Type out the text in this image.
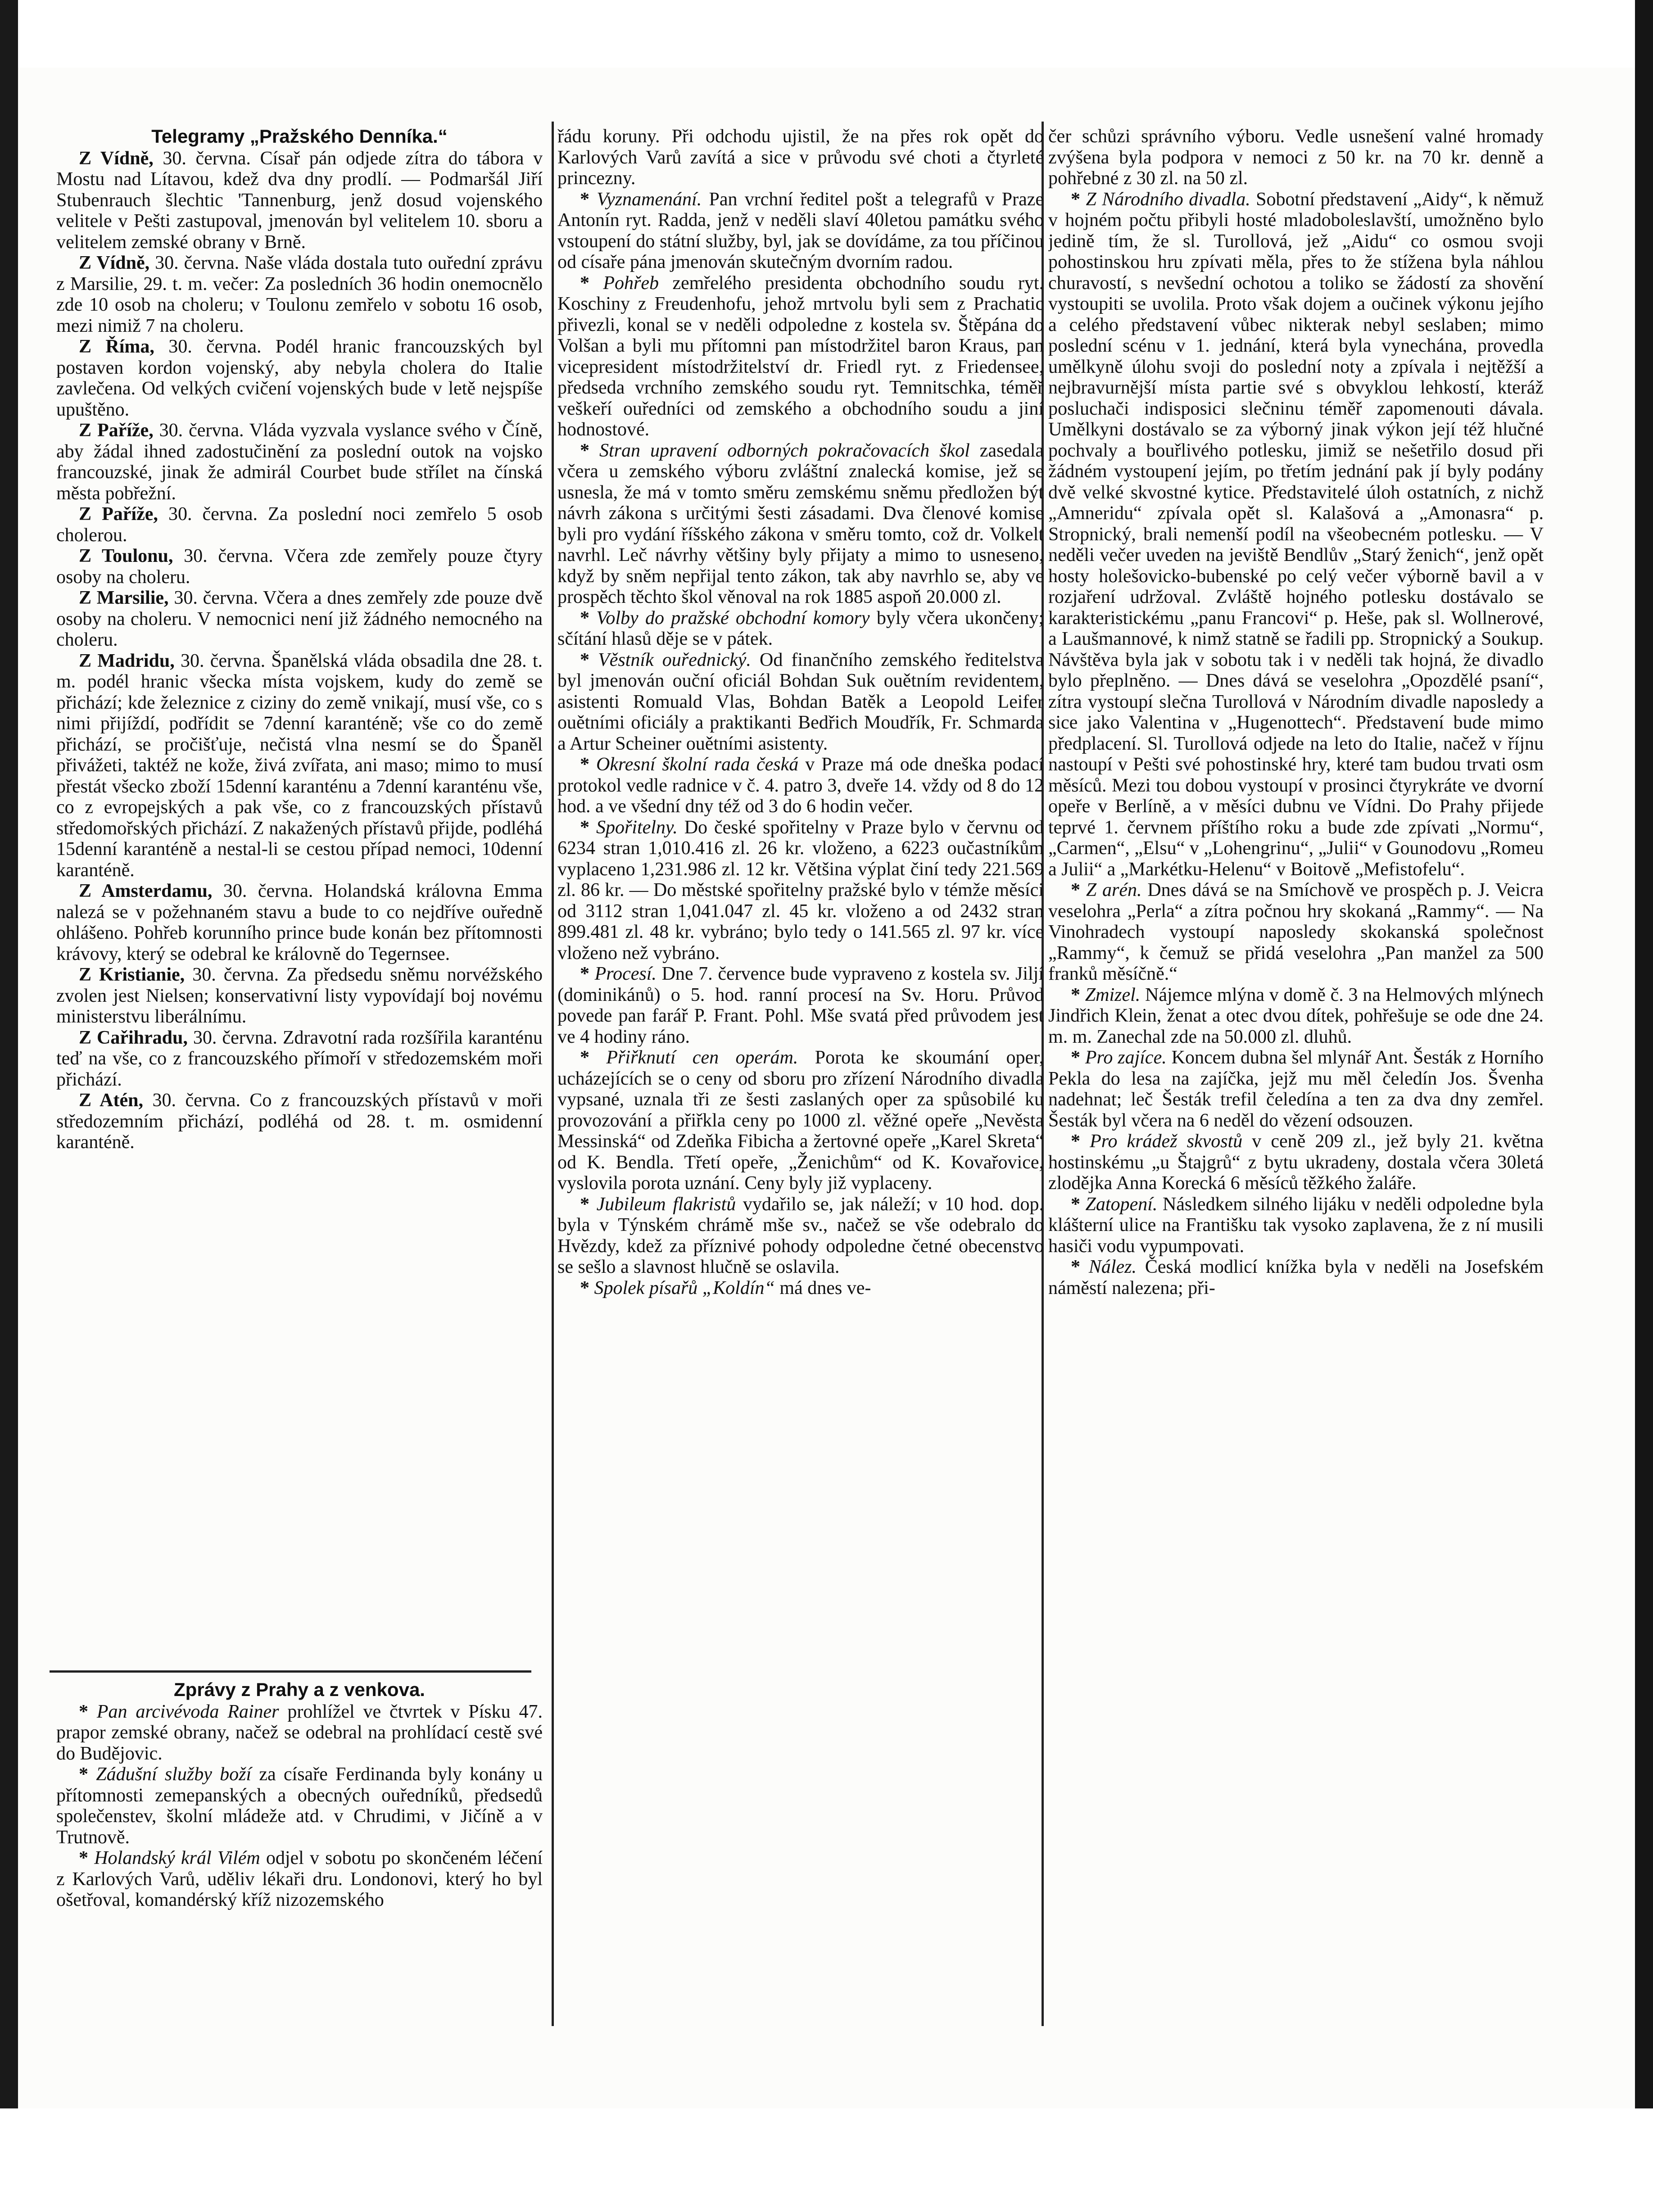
Telegramy „Pražského Denníka.“

Z Vídně, 30. června. Císař pán odjede zítra do tábora v Mostu nad Lítavou, kdež dva dny prodlí. — Podmaršál Jiří Stubenrauch šlechtic 'Tannenburg, jenž dosud vojenského velitele v Pešti zastupoval, jmenován byl velitelem 10. sboru a velitelem zemské obrany v Brně.

Z Vídně, 30. června. Naše vláda dostala tuto ouřední zprávu z Marsilie, 29. t. m. večer: Za posledních 36 hodin onemocnělo zde 10 osob na choleru; v Toulonu zemřelo v sobotu 16 osob, mezi nimiž 7 na choleru.

Z Říma, 30. června. Podél hranic francouzských byl postaven kordon vojenský, aby nebyla cholera do Italie zavlečena. Od velkých cvičení vojenských bude v letě nejspíše upuštěno.

Z Paříže, 30. června. Vláda vyzvala vyslance svého v Číně, aby žádal ihned zadostučinění za poslední outok na vojsko francouzské, jinak že admirál Courbet bude střílet na čínská města pobřežní.

Z Paříže, 30. června. Za poslední noci zemřelo 5 osob cholerou.

Z Toulonu, 30. června. Včera zde zemřely pouze čtyry osoby na choleru.

Z Marsilie, 30. června. Včera a dnes zemřely zde pouze dvě osoby na choleru. V nemocnici není již žádného nemocného na choleru.

Z Madridu, 30. června. Španělská vláda obsadila dne 28. t. m. podél hranic všecka místa vojskem, kudy do země se přichází; kde železnice z ciziny do země vnikají, musí vše, co s nimi přijíždí, podřídit se 7denní karanténě; vše co do země přichází, se pročišťuje, nečistá vlna nesmí se do Španěl přivážeti, taktéž ne kože, živá zvířata, ani maso; mimo to musí přestát všecko zboží 15denní karanténu a 7denní karanténu vše, co z evropejských a pak vše, co z francouzských přístavů středomořských přichází. Z nakažených přístavů přijde, podléhá 15denní karanténě a nestal-li se cestou případ nemoci, 10denní karanténě.

Z Amsterdamu, 30. června. Holandská královna Emma nalezá se v požehnaném stavu a bude to co nejdříve ouředně ohlášeno. Pohřeb korunního prince bude konán bez přítomnosti krávovy, který se odebral ke královně do Tegernsee.

Z Kristianie, 30. června. Za předsedu sněmu norvéžského zvolen jest Nielsen; konservativní listy vypovídají boj novému ministerstvu liberálnímu.

Z Cařihradu, 30. června. Zdravotní rada rozšířila karanténu teď na vše, co z francouzského přímoří v středozemském moři přichází.

Z Atén, 30. června. Co z francouzských přístavů v moři středozemním přichází, podléhá od 28. t. m. osmidenní karanténě.

Zprávy z Prahy a z venkova.

* Pan arcivévoda Rainer prohlížel ve čtvrtek v Písku 47. prapor zemské obrany, načež se odebral na prohlídací cestě své do Budějovic.

* Zádušní služby boží za císaře Ferdinanda byly konány u přítomnosti zemepanských a obecných ouředníků, předsedů společenstev, školní mládeže atd. v Chrudimi, v Jičíně a v Trutnově.

* Holandský král Vilém odjel v sobotu po skončeném léčení z Karlových Varů, uděliv lékaři dru. Londonovi, který ho byl ošetřoval, komandérský kříž nizozemského

řádu koruny. Při odchodu ujistil, že na přes rok opět do Karlových Varů zavítá a sice v průvodu své choti a čtyrleté princezny.

* Vyznamenání. Pan vrchní ředitel pošt a telegrafů v Praze Antonín ryt. Radda, jenž v neděli slaví 40letou památku svého vstoupení do státní služby, byl, jak se dovídáme, za tou příčinou od císaře pána jmenován skutečným dvorním radou.

* Pohřeb zemřelého presidenta obchodního soudu ryt. Koschiny z Freudenhofu, jehož mrtvolu byli sem z Prachatic přivezli, konal se v neděli odpoledne z kostela sv. Štěpána do Volšan a byli mu přítomni pan místodržitel baron Kraus, pan vicepresident místodržitelství dr. Friedl ryt. z Friedensee, předseda vrchního zemského soudu ryt. Temnitschka, téměř veškeří ouředníci od zemského a obchodního soudu a jiní hodnostové.

* Stran upravení odborných pokračovacích škol zasedala včera u zemského výboru zvláštní znalecká komise, jež se usnesla, že má v tomto směru zemskému sněmu předložen být návrh zákona s určitými šesti zásadami. Dva členové komise byli pro vydání říšského zákona v směru tomto, což dr. Volkelt navrhl. Leč návrhy většiny byly přijaty a mimo to usneseno, když by sněm nepřijal tento zákon, tak aby navrhlo se, aby ve prospěch těchto škol věnoval na rok 1885 aspoň 20.000 zl.

* Volby do pražské obchodní komory byly včera ukončeny; sčítání hlasů děje se v pátek.

* Věstník ouřednický. Od finančního zemského ředitelstva byl jmenován ouční oficiál Bohdan Suk ouětním revidentem, asistenti Romuald Vlas, Bohdan Batěk a Leopold Leifer ouětními oficiály a praktikanti Bedřich Moudřík, Fr. Schmarda a Artur Scheiner ouětními asistenty.

* Okresní školní rada česká v Praze má ode dneška podací protokol vedle radnice v č. 4. patro 3, dveře 14. vždy od 8 do 12 hod. a ve všední dny též od 3 do 6 hodin večer.

* Spořitelny. Do české spořitelny v Praze bylo v červnu od 6234 stran 1,010.416 zl. 26 kr. vloženo, a 6223 oučastníkům vyplaceno 1,231.986 zl. 12 kr. Většina výplat činí tedy 221.569 zl. 86 kr. — Do městské spořitelny pražské bylo v témže měsíci od 3112 stran 1,041.047 zl. 45 kr. vloženo a od 2432 stran 899.481 zl. 48 kr. vybráno; bylo tedy o 141.565 zl. 97 kr. více vloženo než vybráno.

* Procesí. Dne 7. července bude vypraveno z kostela sv. Jiljí (dominikánů) o 5. hod. ranní procesí na Sv. Horu. Průvod povede pan farář P. Frant. Pohl. Mše svatá před průvodem jest ve 4 hodiny ráno.

* Přiřknutí cen operám. Porota ke skoumání oper, ucházejících se o ceny od sboru pro zřízení Národního divadla vypsané, uznala tři ze šesti zaslaných oper za spůsobilé ku provozování a přiřkla ceny po 1000 zl. věžné opeře „Nevěsta Messinská“ od Zdeňka Fibicha a žertovné opeře „Karel Skreta“ od K. Bendla. Třetí opeře, „Ženichům“ od K. Kovařovice, vyslovila porota uznání. Ceny byly již vyplaceny.

* Jubileum flakristů vydařilo se, jak náleží; v 10 hod. dop. byla v Týnském chrámě mše sv., načež se vše odebralo do Hvězdy, kdež za příznivé pohody odpoledne četné obecenstvo se sešlo a slavnost hlučně se oslavila.

* Spolek písařů „Koldín“ má dnes ve-

čer schůzi správního výboru. Vedle usnešení valné hromady zvýšena byla podpora v nemoci z 50 kr. na 70 kr. denně a pohřebné z 30 zl. na 50 zl.

* Z Národního divadla. Sobotní představení „Aidy“, k němuž v hojném počtu přibyli hosté mladoboleslavští, umožněno bylo jedině tím, že sl. Turollová, jež „Aidu“ co osmou svoji pohostinskou hru zpívati měla, přes to že stížena byla náhlou churavostí, s nevšední ochotou a toliko se žádostí za shovění vystoupiti se uvolila. Proto však dojem a oučinek výkonu jejího a celého představení vůbec nikterak nebyl seslaben; mimo poslední scénu v 1. jednání, která byla vynechána, provedla umělkyně úlohu svoji do poslední noty a zpívala i nejtěžší a nejbravurnější místa partie své s obvyklou lehkostí, kteráž posluchači indisposici slečninu téměř zapomenouti dávala. Umělkyni dostávalo se za výborný jinak výkon její též hlučné pochvaly a bouřlivého potlesku, jimiž se nešetřilo dosud při žádném vystoupení jejím, po třetím jednání pak jí byly podány dvě velké skvostné kytice. Představitelé úloh ostatních, z nichž „Amneridu“ zpívala opět sl. Kalašová a „Amonasra“ p. Stropnický, brali nemenší podíl na všeobecném potlesku. — V neděli večer uveden na jeviště Bendlův „Starý ženich“, jenž opět hosty holešovicko-bubenské po celý večer výborně bavil a v rozjaření udržoval. Zvláště hojného potlesku dostávalo se karakteristickému „panu Francovi“ p. Heše, pak sl. Wollnerové, a Laušmannové, k nimž statně se řadili pp. Stropnický a Soukup. Návštěva byla jak v sobotu tak i v neděli tak hojná, že divadlo bylo přeplněno. — Dnes dává se veselohra „Opozdělé psaní“, zítra vystoupí slečna Turollová v Národním divadle naposledy a sice jako Valentina v „Hugenottech“. Představení bude mimo předplacení. Sl. Turollová odjede na leto do Italie, načež v říjnu nastoupí v Pešti své pohostinské hry, které tam budou trvati osm měsíců. Mezi tou dobou vystoupí v prosinci čtyrykráte ve dvorní opeře v Berlíně, a v měsíci dubnu ve Vídni. Do Prahy přijede teprvé 1. červnem příštího roku a bude zde zpívati „Normu“, „Carmen“, „Elsu“ v „Lohengrinu“, „Julii“ v Gounodovu „Romeu a Julii“ a „Markétku-Helenu“ v Boitově „Mefistofelu“.

* Z arén. Dnes dává se na Smíchově ve prospěch p. J. Veicra veselohra „Perla“ a zítra počnou hry skokaná „Rammy“. — Na Vinohradech vystoupí naposledy skokanská společnost „Rammy“, k čemuž se přidá veselohra „Pan manžel za 500 franků měsíčně.“

* Zmizel. Nájemce mlýna v domě č. 3 na Helmových mlýnech Jindřich Klein, ženat a otec dvou dítek, pohřešuje se ode dne 24. m. m. Zanechal zde na 50.000 zl. dluhů.

* Pro zajíce. Koncem dubna šel mlynář Ant. Šesták z Horního Pekla do lesa na zajíčka, jejž mu měl čeledín Jos. Švenha nadehnat; leč Šesták trefil čeledína a ten za dva dny zemřel. Šesták byl včera na 6 neděl do vězení odsouzen.

* Pro krádež skvostů v ceně 209 zl., jež byly 21. května hostinskému „u Štajgrů“ z bytu ukradeny, dostala včera 30letá zlodějka Anna Korecká 6 měsíců těžkého žaláře.

* Zatopení. Následkem silného lijáku v neděli odpoledne byla klášterní ulice na Františku tak vysoko zaplavena, že z ní musili hasiči vodu vypumpovati.

* Nález. Česká modlicí knížka byla v neděli na Josefském náměstí nalezena; při-
